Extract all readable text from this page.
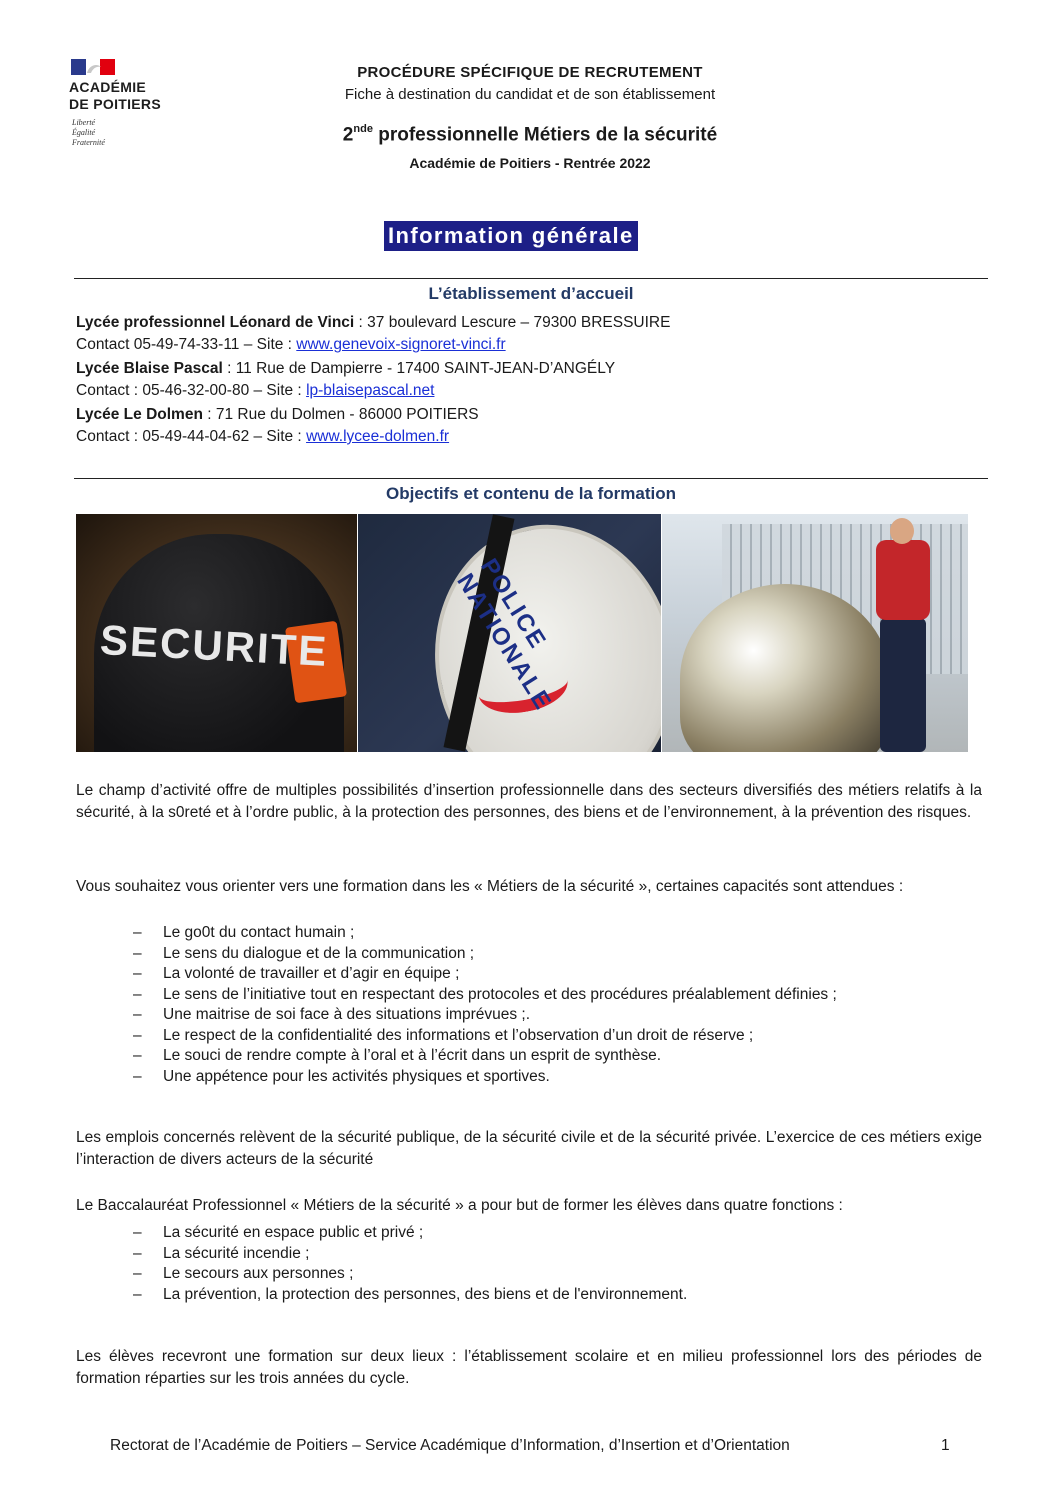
ACADÉMIE
DE POITIERS
Liberté
Égalité
Fraternité
PROCÉDURE SPÉCIFIQUE DE RECRUTEMENT
Fiche à destination du candidat et de son établissement
2nde professionnelle Métiers de la sécurité
Académie de Poitiers - Rentrée 2022
Information générale
L’établissement d’accueil
Lycée professionnel Léonard de Vinci : 37 boulevard Lescure – 79300 BRESSUIRE
Contact 05-49-74-33-11 – Site : www.genevoix-signoret-vinci.fr
Lycée Blaise Pascal : 11 Rue de Dampierre - 17400 SAINT-JEAN-D’ANGÉLY
Contact : 05-46-32-00-80 – Site : lp-blaisepascal.net
Lycée Le Dolmen : 71 Rue du Dolmen - 86000 POITIERS
Contact : 05-49-44-04-62 – Site : www.lycee-dolmen.fr
Objectifs et contenu de la formation
SECURITE	POLICE NATIONALE
Le champ d’activité offre de multiples possibilités d’insertion professionnelle dans des secteurs diversifiés des métiers relatifs à la sécurité, à la s0reté et à l’ordre public, à la protection des personnes, des biens et de l’environnement, à la prévention des risques.
Vous souhaitez vous orienter vers une formation dans les « Métiers de la sécurité », certaines capacités sont attendues :
– Le go0t du contact humain ;
– Le sens du dialogue et de la communication ;
– La volonté de travailler et d’agir en équipe ;
– Le sens de l’initiative tout en respectant des protocoles et des procédures préalablement définies ;
– Une maitrise de soi face à des situations imprévues ;.
– Le respect de la confidentialité des informations et l’observation d’un droit de réserve ;
– Le souci de rendre compte à l’oral et à l’écrit dans un esprit de synthèse.
– Une appétence pour les activités physiques et sportives.
Les emplois concernés relèvent de la sécurité publique, de la sécurité civile et de la sécurité privée. L’exercice de ces métiers exige l’interaction de divers acteurs de la sécurité
Le Baccalauréat Professionnel « Métiers de la sécurité » a pour but de former les élèves dans quatre fonctions :
– La sécurité en espace public et privé ;
– La sécurité incendie ;
– Le secours aux personnes ;
– La prévention, la protection des personnes, des biens et de l'environnement.
Les élèves recevront une formation sur deux lieux : l’établissement scolaire et en milieu professionnel lors des périodes de formation réparties sur les trois années du cycle.
Rectorat de l’Académie de Poitiers – Service Académique d’Information, d’Insertion et d’Orientation	1
